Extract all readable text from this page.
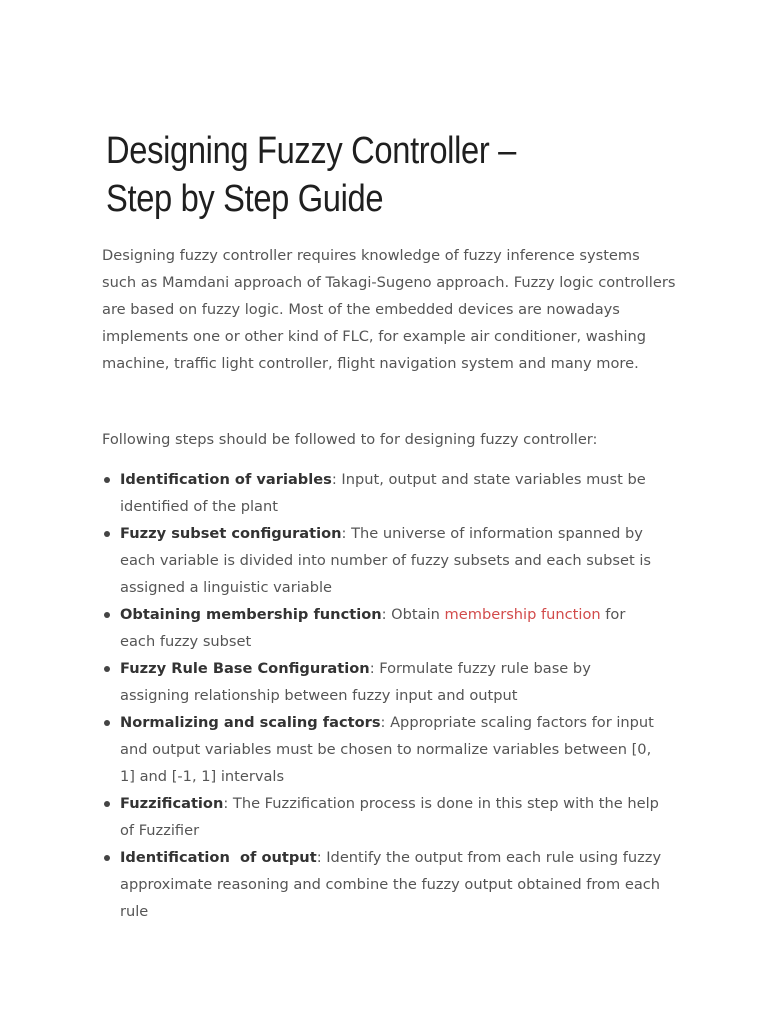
Designing Fuzzy Controller – Step by Step Guide

Designing fuzzy controller requires knowledge of fuzzy inference systems such as Mamdani approach of Takagi-Sugeno approach. Fuzzy logic controllers are based on fuzzy logic. Most of the embedded devices are nowadays implements one or other kind of FLC, for example air conditioner, washing machine, traffic light controller, flight navigation system and many more.

Following steps should be followed to for designing fuzzy controller:

Identification of variables: Input, output and state variables must be identified of the plant
Fuzzy subset configuration: The universe of information spanned by each variable is divided into number of fuzzy subsets and each subset is assigned a linguistic variable
Obtaining membership function: Obtain membership function for each fuzzy subset
Fuzzy Rule Base Configuration: Formulate fuzzy rule base by assigning relationship between fuzzy input and output
Normalizing and scaling factors: Appropriate scaling factors for input and output variables must be chosen to normalize variables between [0, 1] and [-1, 1] intervals
Fuzzification: The Fuzzification process is done in this step with the help of Fuzzifier
Identification  of output: Identify the output from each rule using fuzzy approximate reasoning and combine the fuzzy output obtained from each rule
